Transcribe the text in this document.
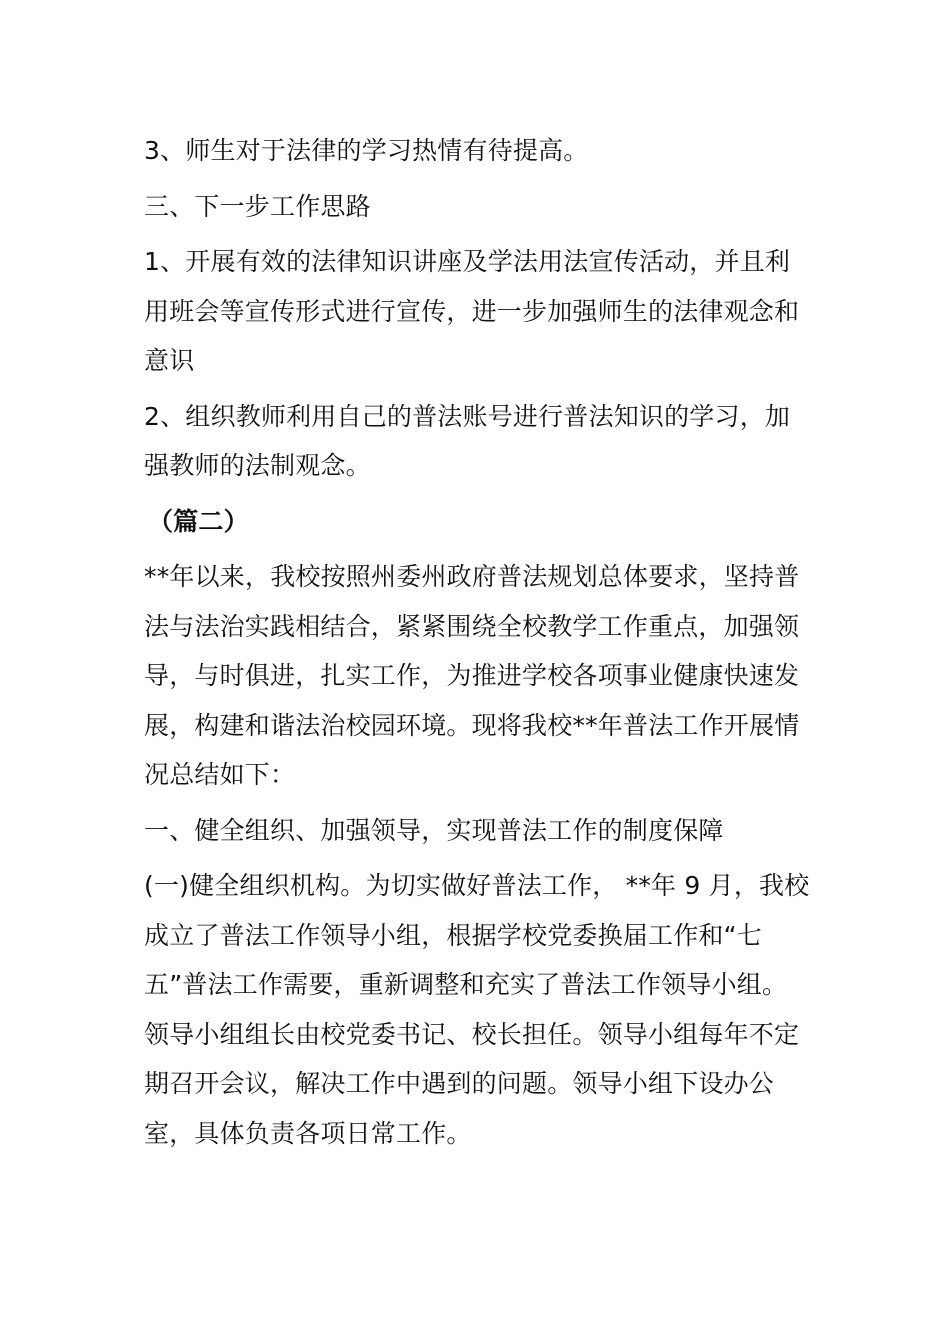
3、师生对于法律的学习热情有待提高。

三、下一步工作思路

1、开展有效的法律知识讲座及学法用法宣传活动，并且利用班会等宣传形式进行宣传，进一步加强师生的法律观念和意识

2、组织教师利用自己的普法账号进行普法知识的学习，加强教师的法制观念。

（篇二）

**年以来，我校按照州委州政府普法规划总体要求，坚持普法与法治实践相结合，紧紧围绕全校教学工作重点，加强领导，与时俱进，扎实工作，为推进学校各项事业健康快速发展，构建和谐法治校园环境。现将我校**年普法工作开展情况总结如下：

一、健全组织、加强领导，实现普法工作的制度保障

(一)健全组织机构。为切实做好普法工作， **年 9 月，我校成立了普法工作领导小组，根据学校党委换届工作和“七五”普法工作需要，重新调整和充实了普法工作领导小组。领导小组组长由校党委书记、校长担任。领导小组每年不定期召开会议，解决工作中遇到的问题。领导小组下设办公室，具体负责各项日常工作。
